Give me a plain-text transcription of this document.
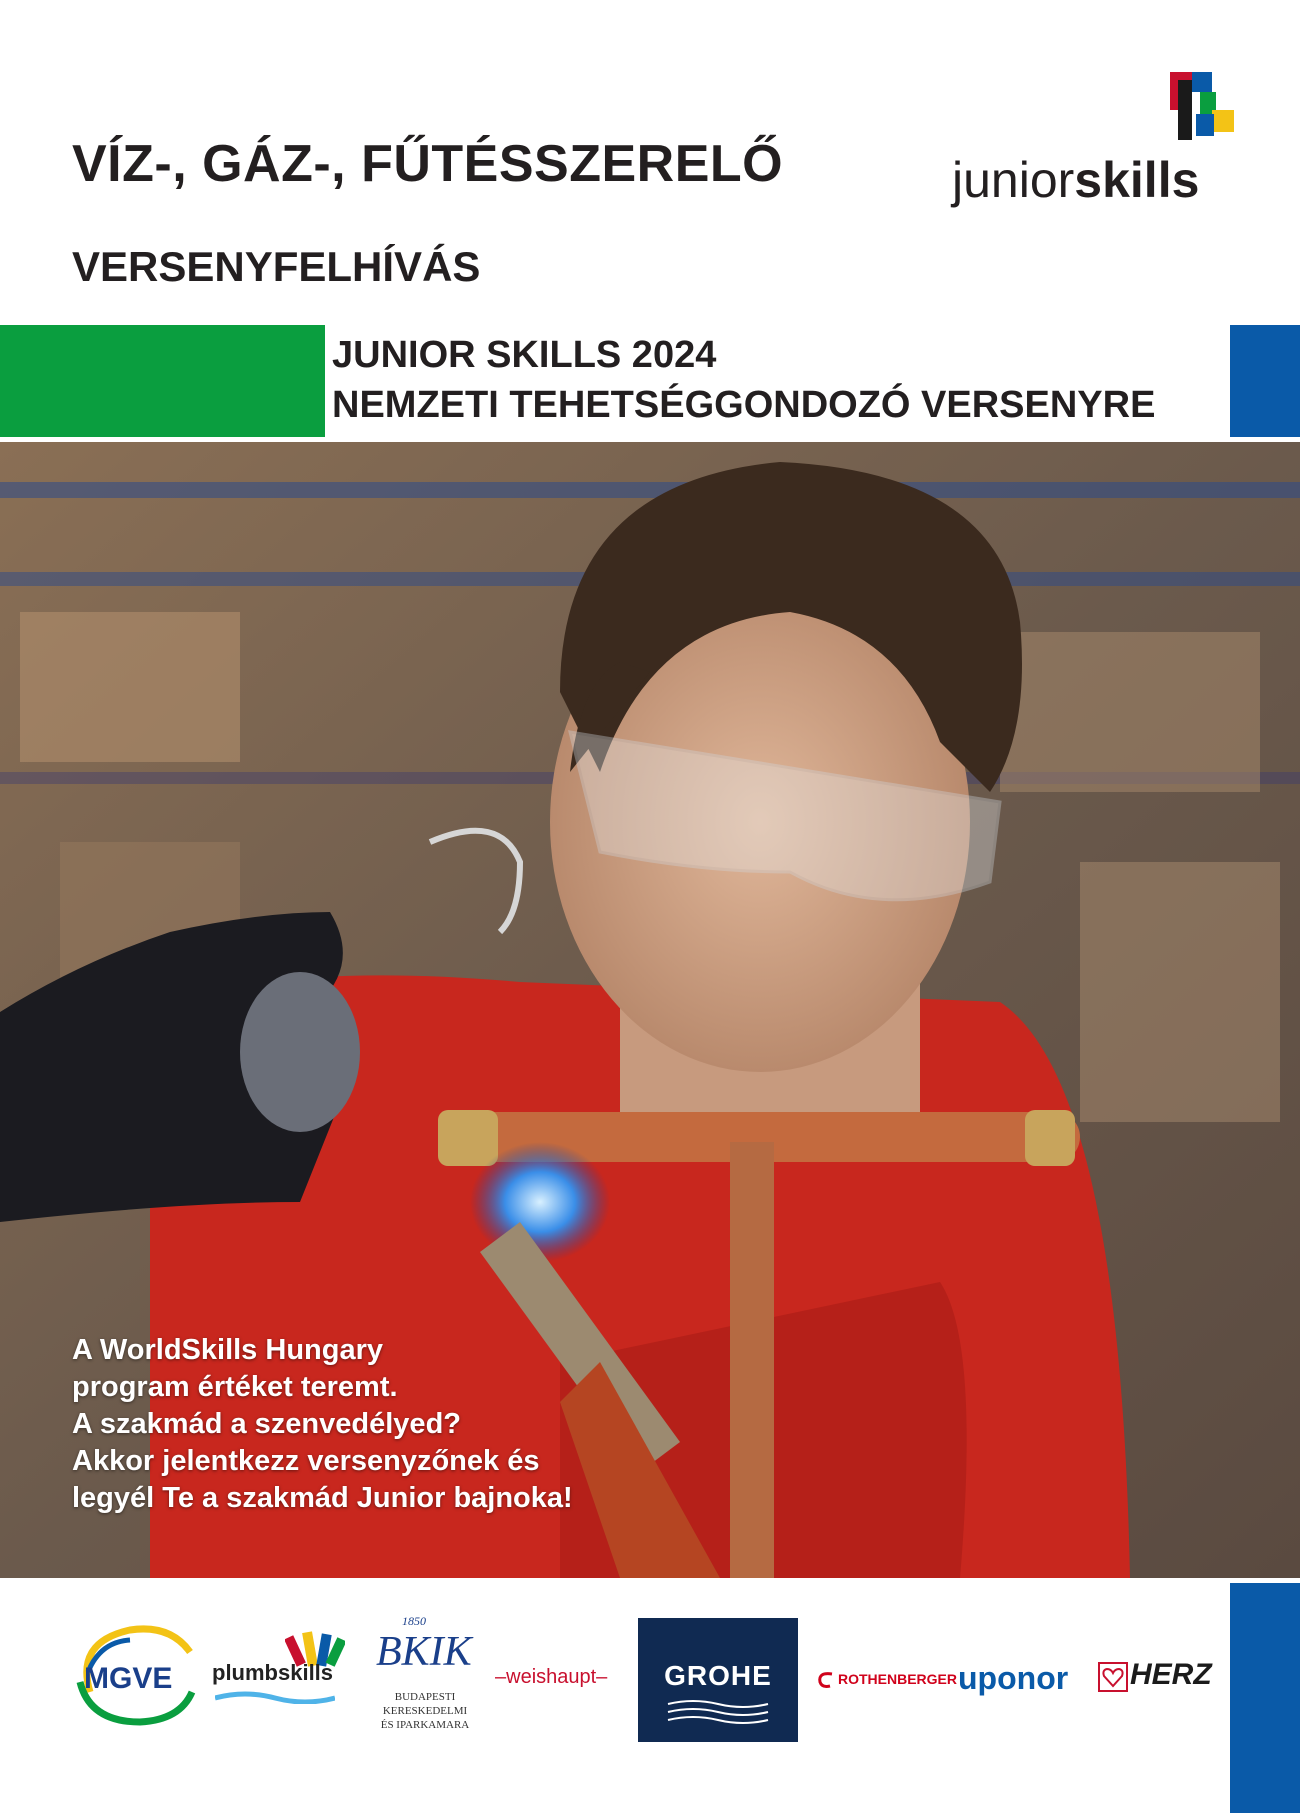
VÍZ-, GÁZ-, FŰTÉSSZERELŐ
VERSENYFELHÍVÁS
juniorskills
JUNIOR SKILLS 2024
NEMZETI TEHETSÉGGONDOZÓ VERSENYRE
A WorldSkills Hungary
program értéket teremt.
A szakmád a szenvedélyed?
Akkor jelentkezz versenyzőnek és
legyél Te a szakmád Junior bajnoka!
MGVE plumbskills
1850
BKIK
BUDAPESTI
KERESKEDELMI
ÉS IPARKAMARA
–weishaupt–	GROHE	ROTHENBERGER uponor HERZ
